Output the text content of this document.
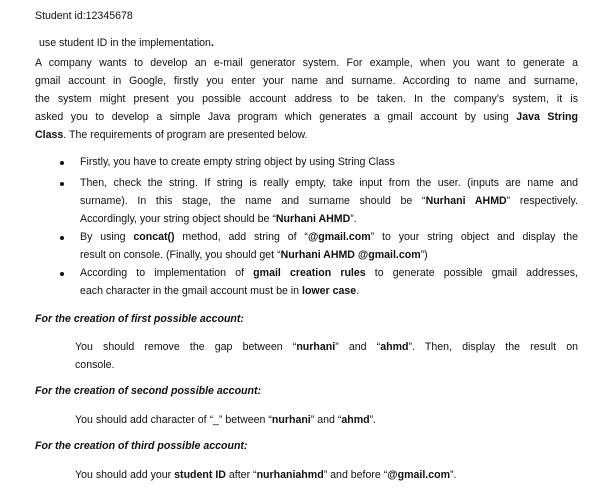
Student id:12345678
use student ID in the implementation.
A company wants to develop an e-mail generator system. For example, when you want to generate a
gmail account in Google, firstly you enter your name and surname. According to name and surname,
the system might present you possible account address to be taken. In the company’s system, it is
asked you to develop a simple Java program which generates a gmail account by using Java String
Class. The requirements of program are presented below.
Firstly, you have to create empty string object by using String Class
Then, check the string. If string is really empty, take input from the user. (inputs are name and
surname). In this stage, the name and surname should be “Nurhani AHMD” respectively.
Accordingly, your string object should be “Nurhani AHMD”.
By using concat() method, add string of “@gmail.com” to your string object and display the
result on console. (Finally, you should get “Nurhani AHMD @gmail.com”)
According to implementation of gmail creation rules to generate possible gmail addresses,
each character in the gmail account must be in lower case.
For the creation of first possible account:
You should remove the gap between “nurhani” and “ahmd”. Then, display the result on
console.
For the creation of second possible account:
You should add character of “_” between “nurhani” and “ahmd”.
For the creation of third possible account:
You should add your student ID after “nurhaniahmd” and before “@gmail.com”.
